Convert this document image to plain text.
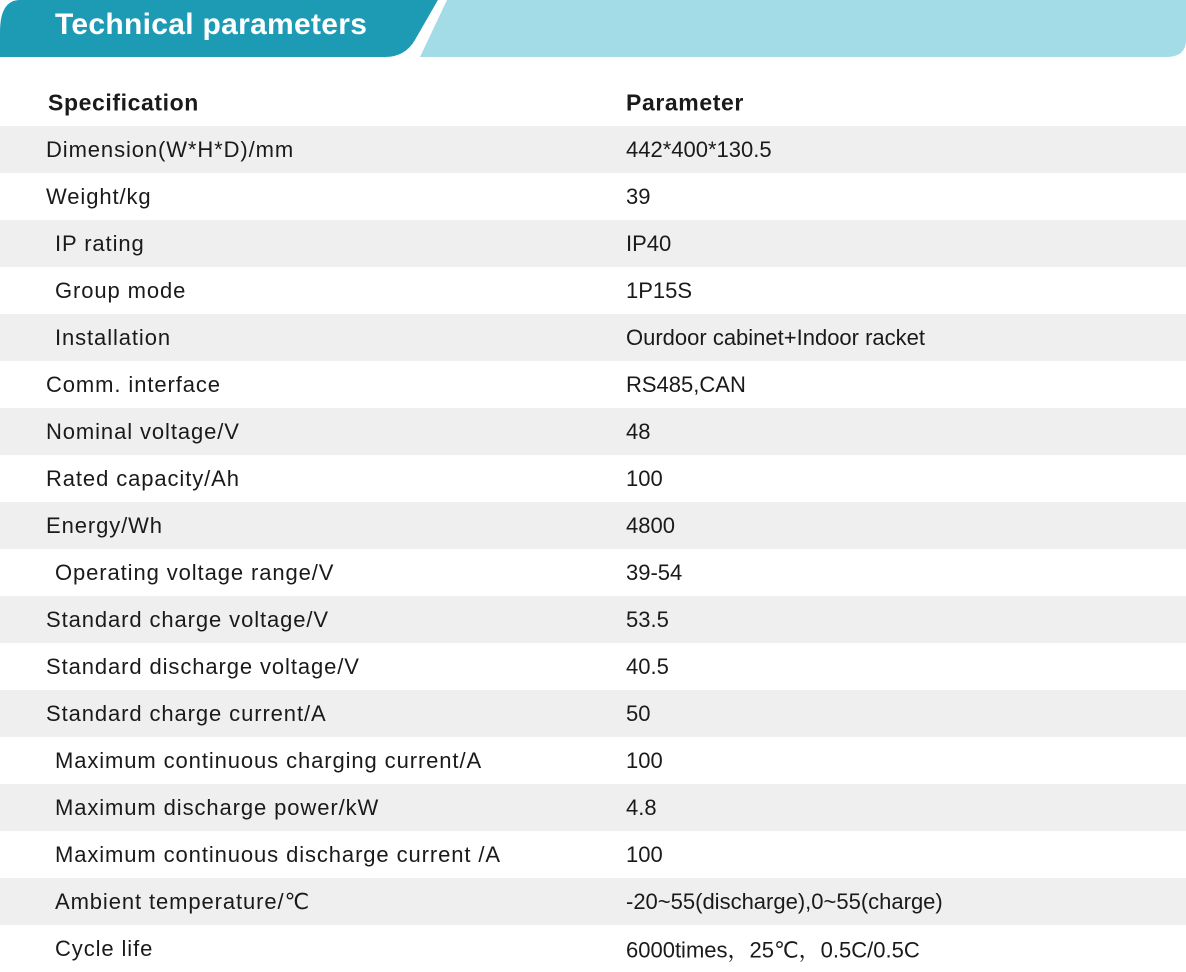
Technical parameters
Specification	Parameter
Dimension(W*H*D)/mm	442*400*130.5
Weight/kg	39
IP rating	IP40
Group mode	1P15S
Installation	Ourdoor cabinet+Indoor racket
Comm. interface	RS485,CAN
Nominal voltage/V	48
Rated capacity/Ah	100
Energy/Wh	4800
Operating voltage range/V	39-54
Standard charge voltage/V	53.5
Standard discharge voltage/V	40.5
Standard charge current/A	50
Maximum continuous charging current/A	100
Maximum discharge power/kW	4.8
Maximum continuous discharge current /A	100
Ambient temperature/℃	-20~55(discharge),0~55(charge)
Cycle life	6000times，25℃，0.5C/0.5C
